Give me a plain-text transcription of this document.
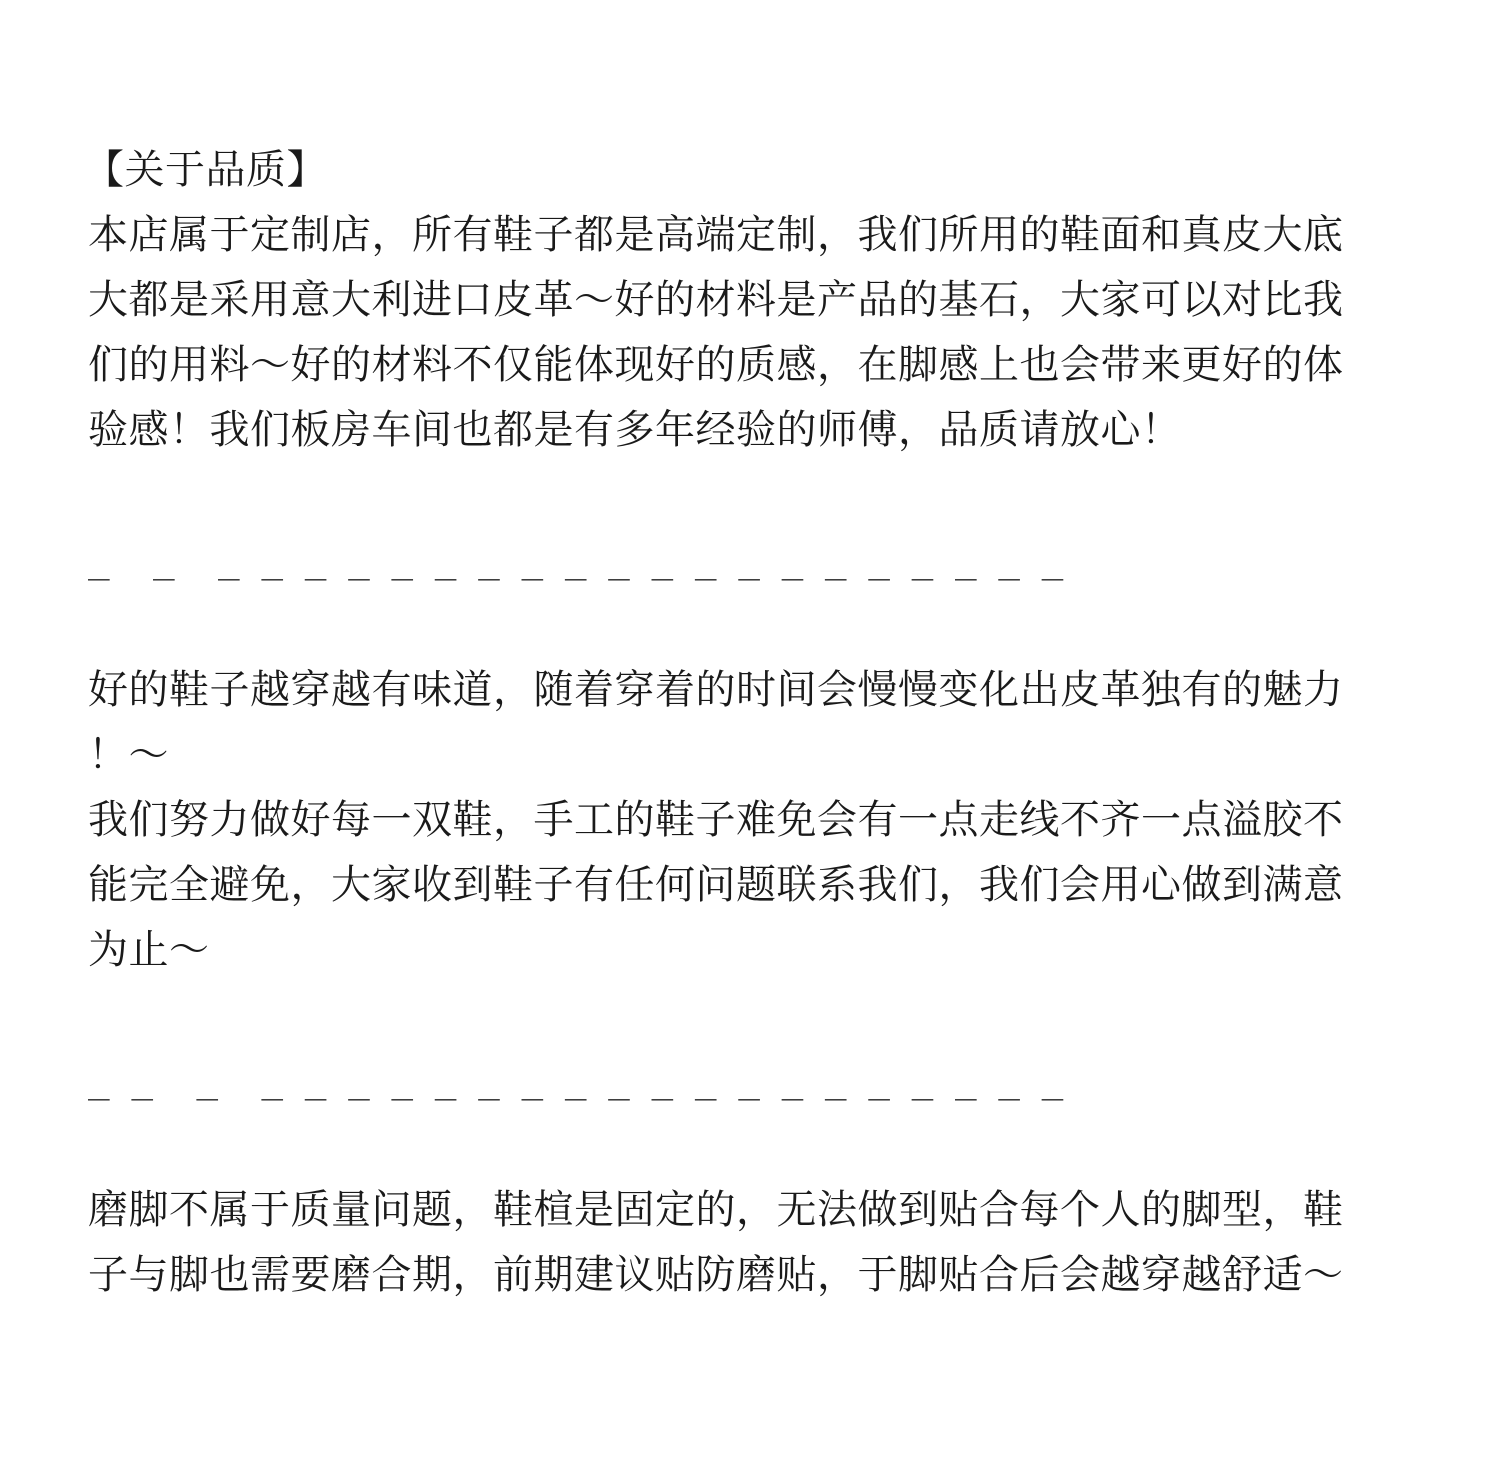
【关于品质】
本店属于定制店，所有鞋子都是高端定制，我们所用的鞋面和真皮大底
大都是采用意大利进口皮革～好的材料是产品的基石，大家可以对比我
们的用料～好的材料不仅能体现好的质感，在脚感上也会带来更好的体
验感！我们板房车间也都是有多年经验的师傅，品质请放心！
_  _  _ _ _ _ _ _ _ _ _ _ _ _ _ _ _ _ _ _ _ _
好的鞋子越穿越有味道，随着穿着的时间会慢慢变化出皮革独有的魅力
！～
我们努力做好每一双鞋，手工的鞋子难免会有一点走线不齐一点溢胶不
能完全避免，大家收到鞋子有任何问题联系我们，我们会用心做到满意
为止～
_ _  _  _ _ _ _ _ _ _ _ _ _ _ _ _ _ _ _ _ _ _
磨脚不属于质量问题，鞋楦是固定的，无法做到贴合每个人的脚型，鞋
子与脚也需要磨合期，前期建议贴防磨贴，于脚贴合后会越穿越舒适～
